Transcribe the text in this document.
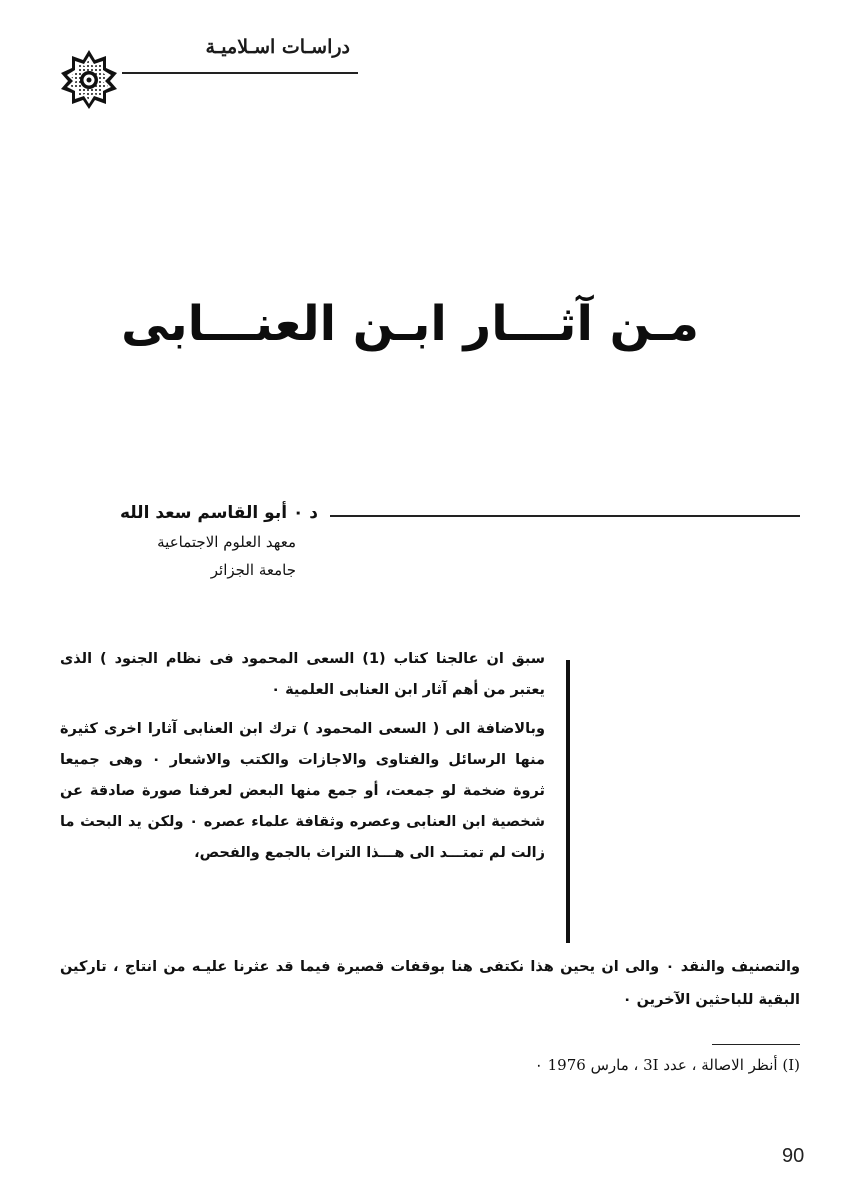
دراسـات اسـلاميـة
مـن آثـــار ابـن العنـــابى

د ٠ أبو القاسم سعد الله

معهد العلوم الاجتماعية

جامعة الجزائر

سبق ان عالجنا كتاب (1) السعى المحمود فى نظام الجنود ) الذى يعتبر من أهم آثار ابن العنابى العلمية ٠

وبالاضافة الى ( السعى المحمود ) ترك ابن العنابى آثارا اخرى كثيرة منها الرسائل والفتاوى والاجازات والكتب والاشعار ٠ وهى جميعا ثروة ضخمة لو جمعت، أو جمع منها البعض لعرفنا صورة صادقة عن شخصية ابن العنابى وعصره وثقافة علماء عصره ٠ ولكن يد البحث ما زالت لم تمتـــد الى هـــذا التراث بالجمع والفحص،

والتصنيف والنقد ٠ والى ان يحين هذا نكتفى هنا بوقفات قصيرة فيما قد عثرنا عليـه من انتاج ، تاركين البقية للباحثين الآخرين ٠

(I) أنظر الاصالة ، عدد 3I ، مارس 1976 ٠
90
